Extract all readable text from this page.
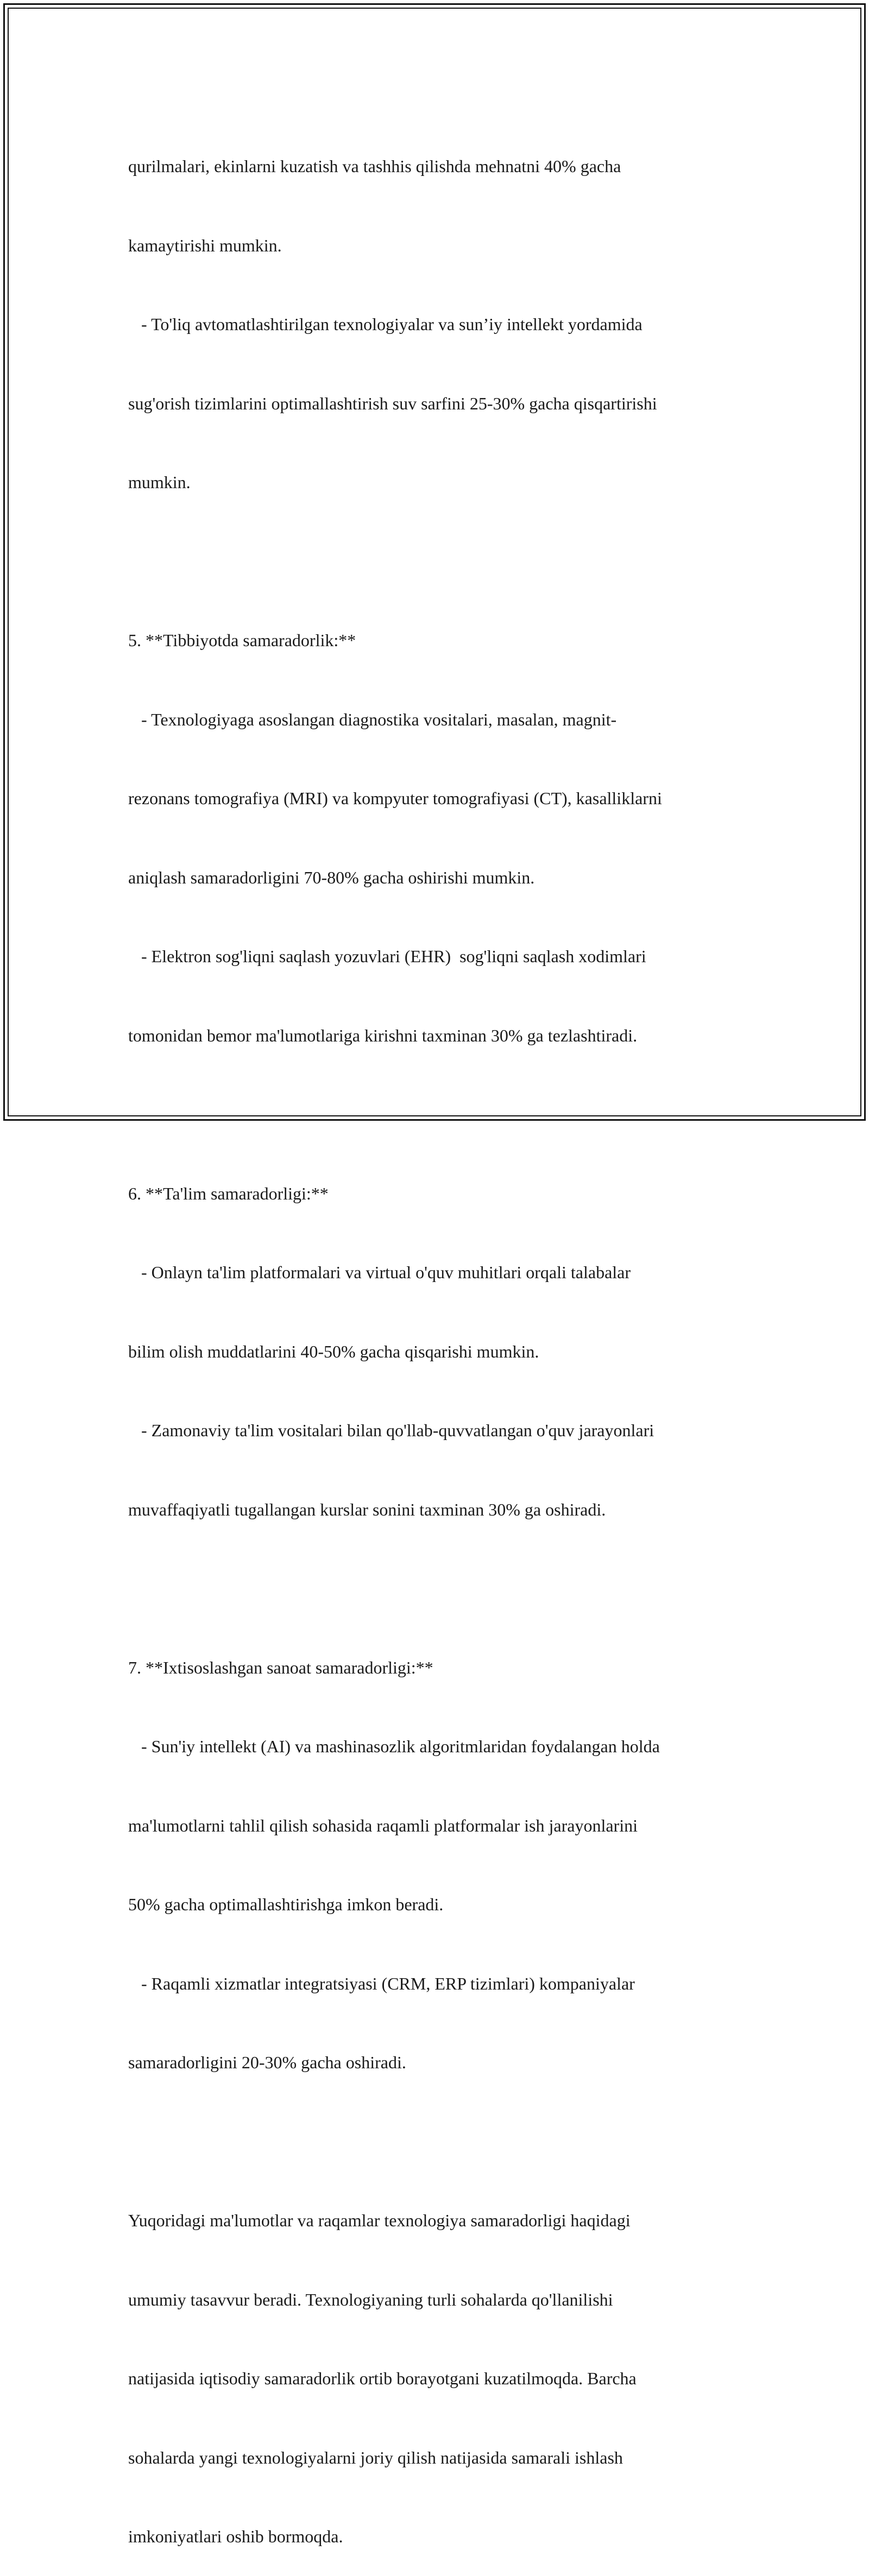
qurilmalari, ekinlarni kuzatish va tashhis qilishda mehnatni 40% gacha

kamaytirishi mumkin.

- To'liq avtomatlashtirilgan texnologiyalar va sun’iy intellekt yordamida

sug'orish tizimlarini optimallashtirish suv sarfini 25-30% gacha qisqartirishi

mumkin.

5. **Tibbiyotda samaradorlik:**

- Texnologiyaga asoslangan diagnostika vositalari, masalan, magnit-

rezonans tomografiya (MRI) va kompyuter tomografiyasi (CT), kasalliklarni

aniqlash samaradorligini 70-80% gacha oshirishi mumkin.

- Elektron sog'liqni saqlash yozuvlari (EHR)  sog'liqni saqlash xodimlari

tomonidan bemor ma'lumotlariga kirishni taxminan 30% ga tezlashtiradi.

6. **Ta'lim samaradorligi:**

- Onlayn ta'lim platformalari va virtual o'quv muhitlari orqali talabalar

bilim olish muddatlarini 40-50% gacha qisqarishi mumkin.

- Zamonaviy ta'lim vositalari bilan qo'llab-quvvatlangan o'quv jarayonlari

muvaffaqiyatli tugallangan kurslar sonini taxminan 30% ga oshiradi.

7. **Ixtisoslashgan sanoat samaradorligi:**

- Sun'iy intellekt (AI) va mashinasozlik algoritmlaridan foydalangan holda

ma'lumotlarni tahlil qilish sohasida raqamli platformalar ish jarayonlarini

50% gacha optimallashtirishga imkon beradi.

- Raqamli xizmatlar integratsiyasi (CRM, ERP tizimlari) kompaniyalar

samaradorligini 20-30% gacha oshiradi.

Yuqoridagi ma'lumotlar va raqamlar texnologiya samaradorligi haqidagi

umumiy tasavvur beradi. Texnologiyaning turli sohalarda qo'llanilishi

natijasida iqtisodiy samaradorlik ortib borayotgani kuzatilmoqda. Barcha

sohalarda yangi texnologiyalarni joriy qilish natijasida samarali ishlash

imkoniyatlari oshib bormoqda.
